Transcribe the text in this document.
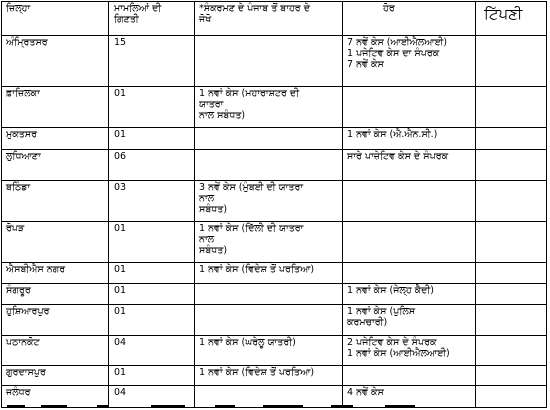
ਜ਼ਿਲ੍ਹਾ	ਮਾਮਲਿਆਂ ਦੀ
ਗਿਣਤੀ	*ਸੰਕਰਮਣ ਦੇ ਪੰਜਾਬ ਤੋਂ ਬਾਹਰ ਦੇ
ਜੋਖੋ	ਹੋਰ	ਟਿੱਪਣੀ
ਅੰਮ੍ਰਿਤਸਰ	15		7 ਨਵੇਂ ਕੇਸ (ਆਈਐਲਆਈ)
1 ਪਜੇਟਿਵ ਕੇਸ ਦਾ ਸੰਪਰਕ
7 ਨਵੇਂ ਕੇਸ	

ਫ਼ਾਜ਼ਿਲਕਾ	01	1 ਨਵਾਂ ਕੇਸ (ਮਹਾਰਾਸ਼ਟਰ ਦੀ
ਯਾਤਰਾ
ਨਾਲ ਸਬੰਧਤ)		

ਮੁਕਤਸਰ	01		1 ਨਵਾਂ ਕੇਸ (ਐ.ਐਨ.ਸੀ.)	

ਲੁਧਿਆਣਾ	06		ਸਾਰੇ ਪਾਜ਼ੇਟਿਵ ਕੇਸ ਦੇ ਸੰਪਰਕ	

ਬਠਿੰਡਾ	03	3 ਨਵੇਂ ਕੇਸ (ਮੁੰਬਈ ਦੀ ਯਾਤਰਾ
ਨਾਲ
ਸਬੰਧਤ)		

ਰੋਪੜ	01	1 ਨਵਾਂ ਕੇਸ (ਦਿੱਲੀ ਦੀ ਯਾਤਰਾ
ਨਾਲ
ਸਬੰਧਤ)		

ਐਸਬੀਐਸ ਨਗਰ	01	1 ਨਵਾਂ ਕੇਸ (ਵਿਦੇਸ਼ ਤੋਂ ਪਰਤਿਆ)		

ਸੰਗਰੂਰ	01		1 ਨਵਾਂ ਕੇਸ (ਜੇਲ੍ਹ ਕੈਦੀ)	

ਹੁਸ਼ਿਆਰਪੁਰ	01		1 ਨਵਾਂ ਕੇਸ (ਪੁਲਿਸ
ਕਰਮਚਾਰੀ)	

ਪਠਾਨਕੋਟ	04	1 ਨਵਾਂ ਕੇਸ (ਘਰੇਲੂ ਯਾਤਰੀ)	2 ਪਜੇਟਿਵ ਕੇਸ ਦੇ ਸੰਪਰਕ
1 ਨਵਾਂ ਕੇਸ (ਆਈਐਲਆਈ)	

ਗੁਰਦਾਸਪੁਰ	01	1 ਨਵਾਂ ਕੇਸ (ਵਿਦੇਸ਼ ਤੋਂ ਪਰਤਿਆ)		

ਜਲੰਧਰ	04		4 ਨਵੇਂ ਕੇਸ	
